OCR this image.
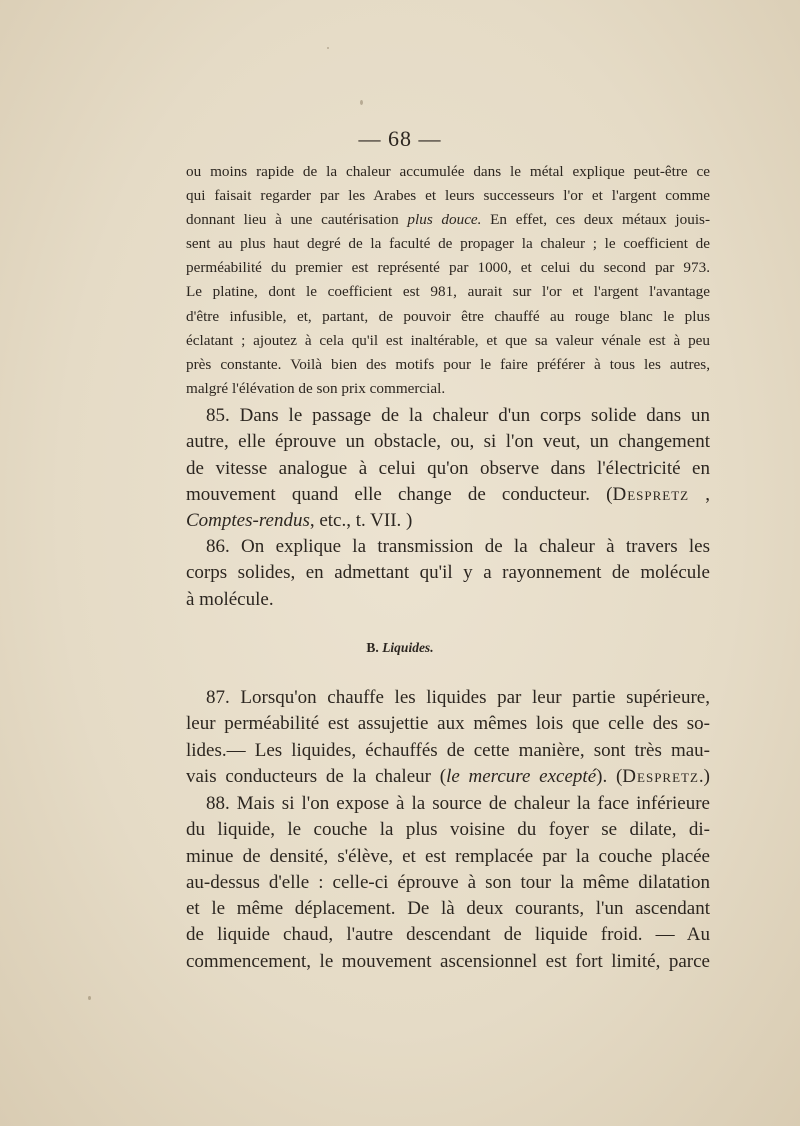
— 68 —
ou moins rapide de la chaleur accumulée dans le métal explique peut-être ce
qui faisait regarder par les Arabes et leurs successeurs l'or et l'argent comme
donnant lieu à une cautérisation plus douce. En effet, ces deux métaux jouis-
sent au plus haut degré de la faculté de propager la chaleur ; le coefficient de
perméabilité du premier est représenté par 1000, et celui du second par 973.
Le platine, dont le coefficient est 981, aurait sur l'or et l'argent l'avantage
d'être infusible, et, partant, de pouvoir être chauffé au rouge blanc le plus
éclatant ; ajoutez à cela qu'il est inaltérable, et que sa valeur vénale est à peu
près constante. Voilà bien des motifs pour le faire préférer à tous les autres,
malgré l'élévation de son prix commercial.
85. Dans le passage de la chaleur d'un corps solide dans un
autre, elle éprouve un obstacle, ou, si l'on veut, un changement
de vitesse analogue à celui qu'on observe dans l'électricité en
mouvement quand elle change de conducteur. (Despretz ,
Comptes-rendus, etc., t. VII. )
86. On explique la transmission de la chaleur à travers les
corps solides, en admettant qu'il y a rayonnement de molécule
à molécule.
B. Liquides.
87. Lorsqu'on chauffe les liquides par leur partie supérieure,
leur perméabilité est assujettie aux mêmes lois que celle des so-
lides.— Les liquides, échauffés de cette manière, sont très mau-
vais conducteurs de la chaleur (le mercure excepté). (Despretz.)
88. Mais si l'on expose à la source de chaleur la face inférieure
du liquide, le couche la plus voisine du foyer se dilate, di-
minue de densité, s'élève, et est remplacée par la couche placée
au-dessus d'elle : celle-ci éprouve à son tour la même dilatation
et le même déplacement. De là deux courants, l'un ascendant
de liquide chaud, l'autre descendant de liquide froid. — Au
commencement, le mouvement ascensionnel est fort limité, parce
